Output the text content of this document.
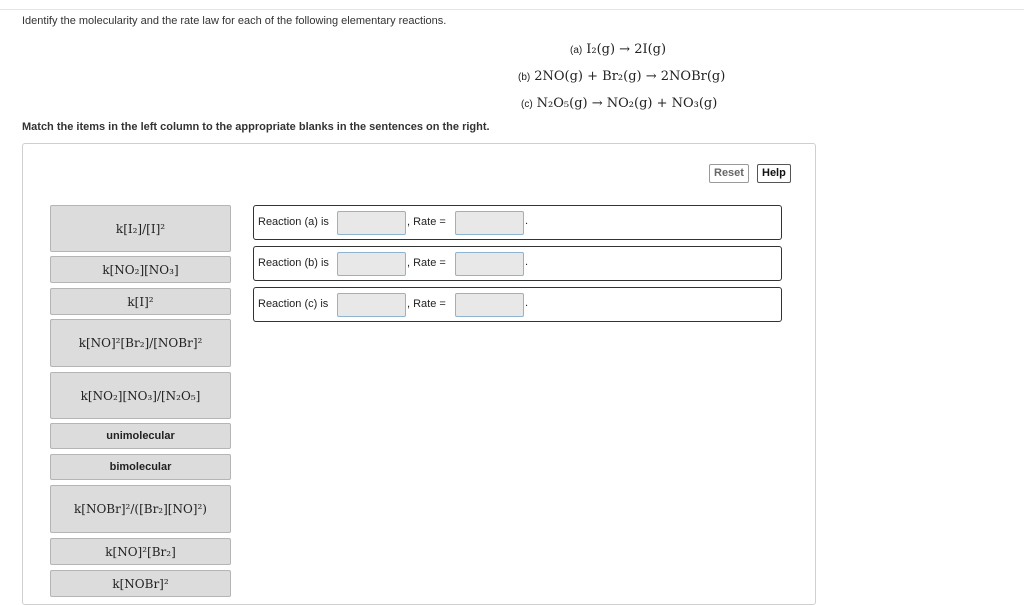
Identify the molecularity and the rate law for each of the following elementary reactions.
(a) I₂(g) → 2I(g)
(b) 2NO(g) + Br₂(g) → 2NOBr(g)
(c) N₂O₅(g) → NO₂(g) + NO₃(g)
Match the items in the left column to the appropriate blanks in the sentences on the right.
Reset	Help
k[I₂]/[I]²
k[NO₂][NO₃]
k[I]²
k[NO]²[Br₂]/[NOBr]²
k[NO₂][NO₃]/[N₂O₅]
unimolecular
bimolecular
k[NOBr]²/([Br₂][NO]²)
k[NO]²[Br₂]
k[NOBr]²
Reaction (a) is	, Rate =	.
Reaction (b) is	, Rate =	.
Reaction (c) is	, Rate =	.
